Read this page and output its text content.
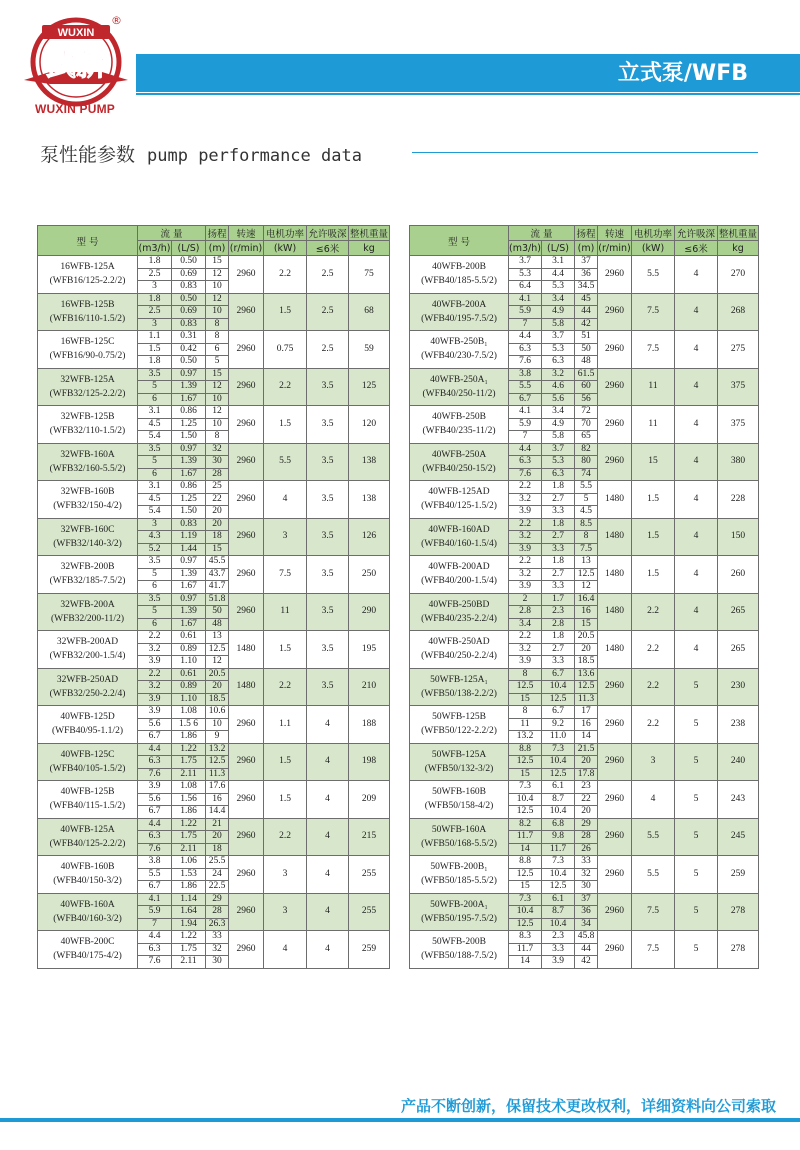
WUXIN
武新
®
WUXIN PUMP
立式泵/WFB
泵性能参数 pump performance data
型 号	流 量		扬程	转速	电机功率	允许吸深	整机重量
	(m3/h)	(L/S)	(m)	(r/min)	(kW)	≤6米	kg
16WFB-125A
(WFB16/125-2.2/2)	1.8	0.50	15	2960	2.2	2.5	75
	2.5	0.69	12				
	3	0.83	10				
16WFB-125B
(WFB16/110-1.5/2)	1.8	0.50	12	2960	1.5	2.5	68
	2.5	0.69	10				
	3	0.83	8				
16WFB-125C
(WFB16/90-0.75/2)	1.1	0.31	8	2960	0.75	2.5	59
	1.5	0.42	6				
	1.8	0.50	5				
32WFB-125A
(WFB32/125-2.2/2)	3.5	0.97	15	2960	2.2	3.5	125
	5	1.39	12				
	6	1.67	10				
32WFB-125B
(WFB32/110-1.5/2)	3.1	0.86	12	2960	1.5	3.5	120
	4.5	1.25	10				
	5.4	1.50	8				
32WFB-160A
(WFB32/160-5.5/2)	3.5	0.97	32	2960	5.5	3.5	138
	5	1.39	30				
	6	1.67	28				
32WFB-160B
(WFB32/150-4/2)	3.1	0.86	25	2960	4	3.5	138
	4.5	1.25	22				
	5.4	1.50	20				
32WFB-160C
(WFB32/140-3/2)	3	0.83	20	2960	3	3.5	126
	4.3	1.19	18				
	5.2	1.44	15				
32WFB-200B
(WFB32/185-7.5/2)	3.5	0.97	45.5	2960	7.5	3.5	250
	5	1.39	43.7				
	6	1.67	41.7				
32WFB-200A
(WFB32/200-11/2)	3.5	0.97	51.8	2960	11	3.5	290
	5	1.39	50				
	6	1.67	48				
32WFB-200AD
(WFB32/200-1.5/4)	2.2	0.61	13	1480	1.5	3.5	195
	3.2	0.89	12.5				
	3.9	1.10	12				
32WFB-250AD
(WFB32/250-2.2/4)	2.2	0.61	20.5	1480	2.2	3.5	210
	3.2	0.89	20				
	3.9	1.10	18.5				
40WFB-125D
(WFB40/95-1.1/2)	3.9	1.08	10.6	2960	1.1	4	188
	5.6	1.5 6	10				
	6.7	1.86	9				
40WFB-125C
(WFB40/105-1.5/2)	4.4	1.22	13.2	2960	1.5	4	198
	6.3	1.75	12.5				
	7.6	2.11	11.3				
40WFB-125B
(WFB40/115-1.5/2)	3.9	1.08	17.6	2960	1.5	4	209
	5.6	1.56	16				
	6.7	1.86	14.4				
40WFB-125A
(WFB40/125-2.2/2)	4.4	1.22	21	2960	2.2	4	215
	6.3	1.75	20				
	7.6	2.11	18				
40WFB-160B
(WFB40/150-3/2)	3.8	1.06	25.5	2960	3	4	255
	5.5	1.53	24				
	6.7	1.86	22.5				
40WFB-160A
(WFB40/160-3/2)	4.1	1.14	29	2960	3	4	255
	5.9	1.64	28				
	7	1.94	26.3				
40WFB-200C
(WFB40/175-4/2)	4.4	1.22	33	2960	4	4	259
	6.3	1.75	32				
	7.6	2.11	30				
型 号	流 量		扬程	转速	电机功率	允许吸深	整机重量
	(m3/h)	(L/S)	(m)	(r/min)	(kW)	≤6米	kg
40WFB-200B
(WFB40/185-5.5/2)	3.7	3.1	37	2960	5.5	4	270
	5.3	4.4	36				
	6.4	5.3	34.5				
40WFB-200A
(WFB40/195-7.5/2)	4.1	3.4	45	2960	7.5	4	268
	5.9	4.9	44				
	7	5.8	42				
40WFB-250B₁
(WFB40/230-7.5/2)	4.4	3.7	51	2960	7.5	4	275
	6.3	5.3	50				
	7.6	6.3	48				
40WFB-250A₁
(WFB40/250-11/2)	3.8	3.2	61.5	2960	11	4	375
	5.5	4.6	60				
	6.7	5.6	56				
40WFB-250B
(WFB40/235-11/2)	4.1	3.4	72	2960	11	4	375
	5.9	4.9	70				
	7	5.8	65				
40WFB-250A
(WFB40/250-15/2)	4.4	3.7	82	2960	15	4	380
	6.3	5.3	80				
	7.6	6.3	74				
40WFB-125AD
(WFB40/125-1.5/2)	2.2	1.8	5.5	1480	1.5	4	228
	3.2	2.7	5				
	3.9	3.3	4.5				
40WFB-160AD
(WFB40/160-1.5/4)	2.2	1.8	8.5	1480	1.5	4	150
	3.2	2.7	8				
	3.9	3.3	7.5				
40WFB-200AD
(WFB40/200-1.5/4)	2.2	1.8	13	1480	1.5	4	260
	3.2	2.7	12.5				
	3.9	3.3	12				
40WFB-250BD
(WFB40/235-2.2/4)	2	1.7	16.4	1480	2.2	4	265
	2.8	2.3	16				
	3.4	2.8	15				
40WFB-250AD
(WFB40/250-2.2/4)	2.2	1.8	20.5	1480	2.2	4	265
	3.2	2.7	20				
	3.9	3.3	18.5				
50WFB-125A₁
(WFB50/138-2.2/2)	8	6.7	13.6	2960	2.2	5	230
	12.5	10.4	12.5				
	15	12.5	11.3				
50WFB-125B
(WFB50/122-2.2/2)	8	6.7	17	2960	2.2	5	238
	11	9.2	16				
	13.2	11.0	14				
50WFB-125A
(WFB50/132-3/2)	8.8	7.3	21.5	2960	3	5	240
	12.5	10.4	20				
	15	12.5	17.8				
50WFB-160B
(WFB50/158-4/2)	7.3	6.1	23	2960	4	5	243
	10.4	8.7	22				
	12.5	10.4	20				
50WFB-160A
(WFB50/168-5.5/2)	8.2	6.8	29	2960	5.5	5	245
	11.7	9.8	28				
	14	11.7	26				
50WFB-200B₁
(WFB50/185-5.5/2)	8.8	7.3	33	2960	5.5	5	259
	12.5	10.4	32				
	15	12.5	30				
50WFB-200A₁
(WFB50/195-7.5/2)	7.3	6.1	37	2960	7.5	5	278
	10.4	8.7	36				
	12.5	10.4	34				
50WFB-200B
(WFB50/188-7.5/2)	8.3	2.3	45.8	2960	7.5	5	278
	11.7	3.3	44				
	14	3.9	42				
产品不断创新，保留技术更改权利，详细资料向公司索取
